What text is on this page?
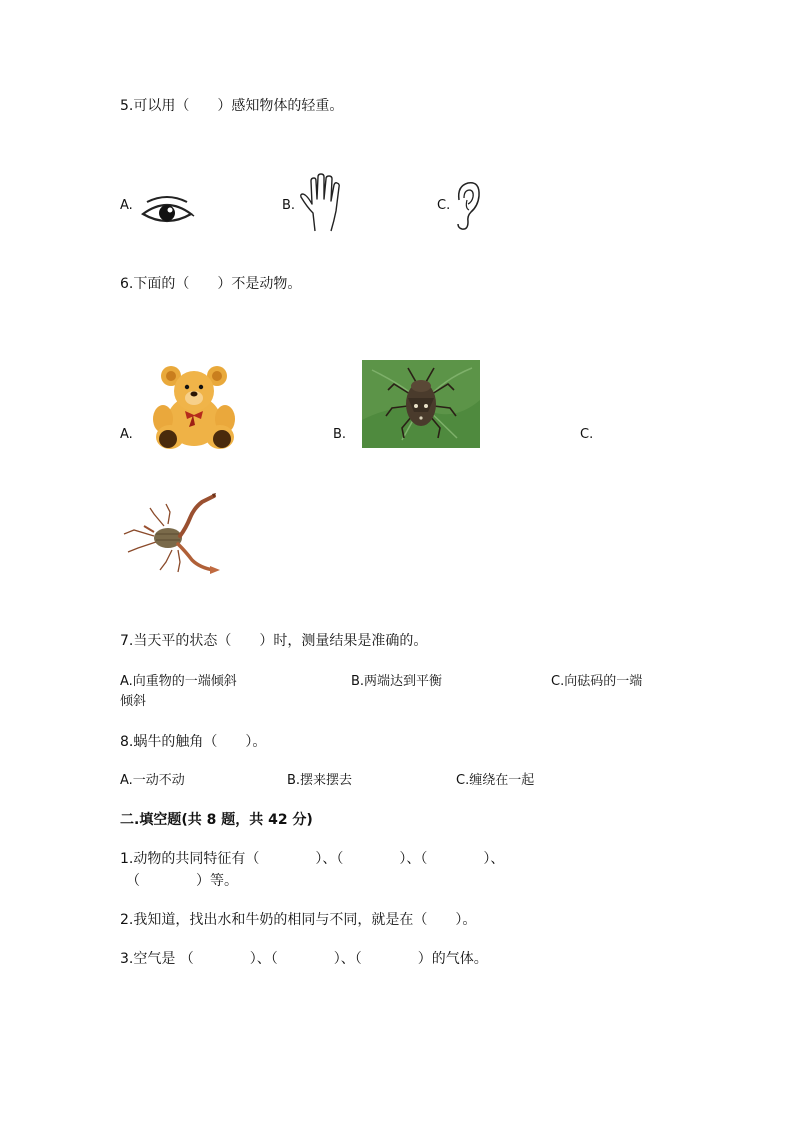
5.可以用（　　）感知物体的轻重。
A.	B.	C.
6.下面的（　　）不是动物。
A.	B.	C.
7.当天平的状态（　　）时，测量结果是准确的。
A.向重物的一端倾斜	B.两端达到平衡	C.向砝码的一端
倾斜
8.蜗牛的触角（　　）。
A.一动不动	B.摆来摆去	C.缠绕在一起
二.填空题(共 8 题，共 42 分)
1.动物的共同特征有（　　　　）、（　　　　）、（　　　　）、
（　　　　）等。
2.我知道，找出水和牛奶的相同与不同，就是在（　　）。
3.空气是 （　　　　）、（　　　　）、（　　　　）的气体。
